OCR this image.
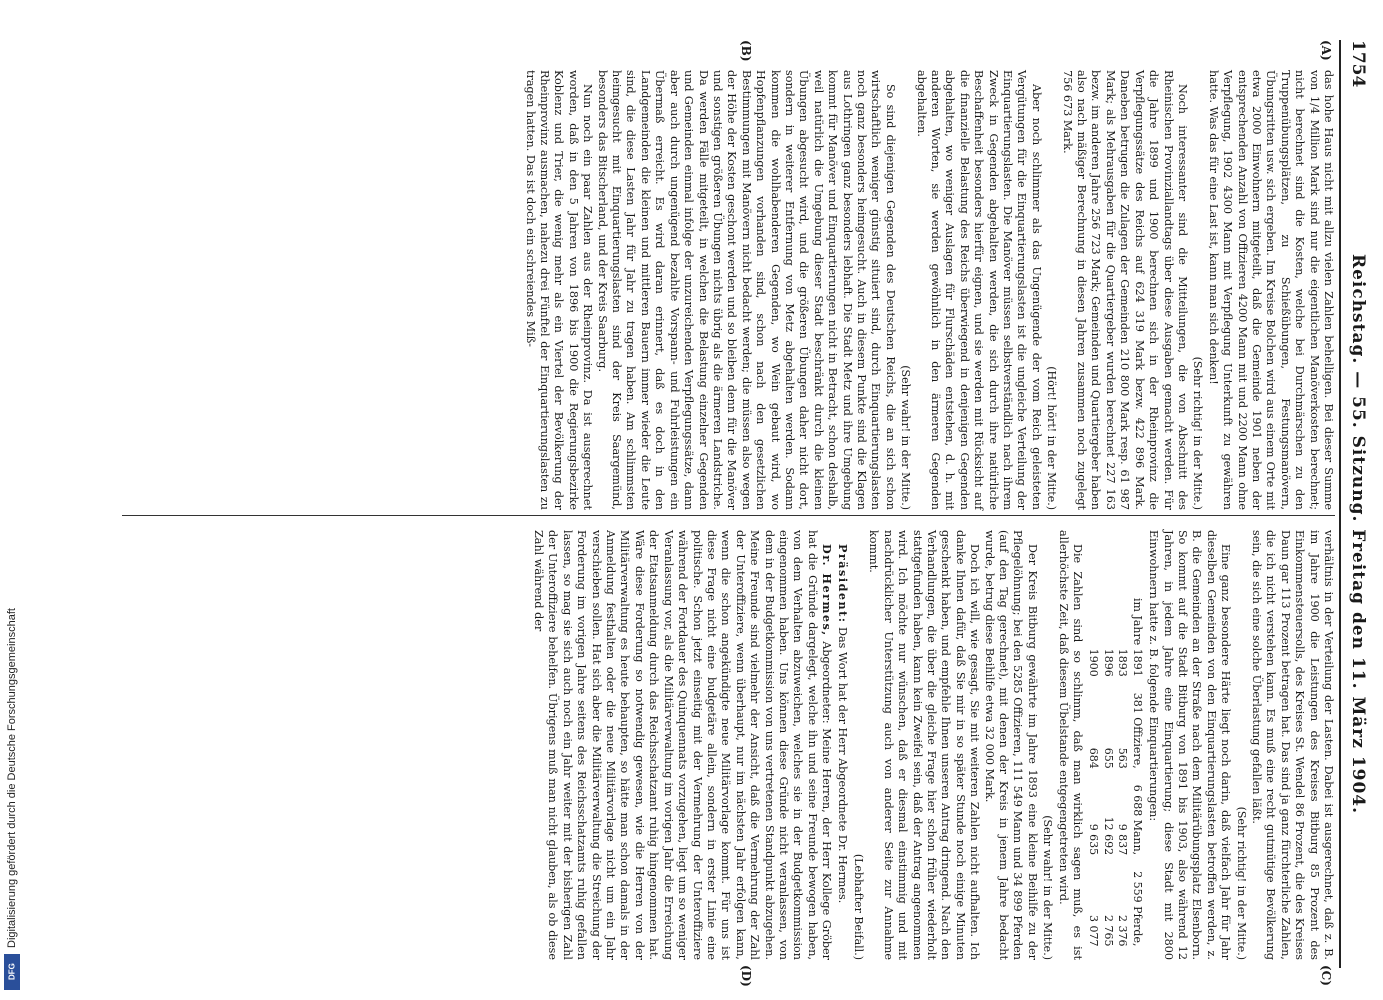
1754
Reichstag. — 55. Sitzung. Freitag den 11. März 1904.
(A)
(B)
(C)
(D)

das hohe Haus nicht mit allzu vielen Zahlen behelligen. Bei dieser Summe von 1/4 Million Mark sind nur die eigentlichen Manöverkosten berechnet; nicht berechnet sind die Kosten, welche bei Durchmärschen zu den Truppenübungsplätzen, zu Schießübungen, Festungsmanövern, Übungsritten usw. sich ergeben. Im Kreise Bolchen wird aus einem Orte mit etwa 2000 Einwohnern mitgeteilt, daß die Gemeinde 1901 neben der entsprechenden Anzahl von Offizieren 4200 Mann mit und 2200 Mann ohne Verpflegung, 1902 4300 Mann mit Verpflegung Unterkunft zu gewähren hatte. Was das für eine Last ist, kann man sich denken!

(Sehr richtig! in der Mitte.)

Noch interessanter sind die Mitteilungen, die von Abschnitt des Rheinischen Provinziallandtags über diese Ausgaben gemacht werden. Für die Jahre 1899 und 1900 berechnen sich in der Rheinprovinz die Verpflegungssätze des Reichs auf 624 319 Mark bezw. 422 896 Mark. Daneben betrugen die Zulagen der Gemeinden 210 800 Mark resp. 61 987 Mark; als Mehrausgaben für die Quartiergeber wurden berechnet 227 163 bezw. im anderen Jahre 256 723 Mark; Gemeinden und Quartiergeber haben also nach mäßiger Berechnung in diesen Jahren zusammen noch zugelegt 756 673 Mark.

(Hört! hört! in der Mitte.)

Aber noch schlimmer als das Ungenügende der vom Reich geleisteten Vergütungen für die Einquartierungslasten ist die ungleiche Verteilung der Einquartierungslasten. Die Manöver müssen selbstverständlich nach ihrem Zweck in Gegenden abgehalten werden, die sich durch ihre natürliche Beschaffenheit besonders hierfür eignen, und sie werden mit Rücksicht auf die finanzielle Belastung des Reichs überwiegend in denjenigen Gegenden abgehalten, wo weniger Auslagen für Flurschäden entstehen, d. h. mit anderen Worten, sie werden gewöhnlich in den ärmeren Gegenden abgehalten.

(Sehr wahr! in der Mitte.)

So sind diejenigen Gegenden des Deutschen Reichs, die an sich schon wirtschaftlich weniger günstig situiert sind, durch Einquartierungslasten noch ganz besonders heimgesucht. Auch in diesem Punkte sind die Klagen aus Lothringen ganz besonders lebhaft. Die Stadt Metz und ihre Umgebung kommt für Manöver und Einquartierungen nicht in Betracht, schon deshalb, weil natürlich die Umgebung dieser Stadt beschränkt durch die kleinen Übungen abgesucht wird, und die größeren Übungen daher nicht dort, sondern in weiterer Entfernung von Metz abgehalten werden. Sodann kommen die wohlhabenderen Gegenden, wo Wein gebaut wird, wo Hopfenpflanzungen vorhanden sind, schon nach den gesetzlichen Bestimmungen mit Manövern nicht bedacht werden; die müssen also wegen der Höhe der Kosten geschont werden und so bleiben denn für die Manöver und sonstigen größeren Übungen nichts übrig als die ärmeren Landstriche. Da werden Fälle mitgeteilt, in welchen die Belastung einzelner Gegenden und Gemeinden einmal infolge der unzureichenden Verpflegungssätze, dann aber auch durch ungenügend bezahlte Vorspann- und Fuhrleistungen ein Übermaß erreicht. Es wird daran erinnert, daß es doch in den Landgemeinden die kleinen und mittleren Bauern immer wieder die Leute sind, die diese Lasten Jahr für Jahr zu tragen haben. Am schlimmsten heimgesucht mit Einquartierungslasten sind der Kreis Saargemünd, besonders das Bitscherland, und der Kreis Saarburg.

Nun noch ein paar Zahlen aus der Rheinprovinz. Da ist ausgerechnet worden, daß in den 5 Jahren von 1896 bis 1900 die Regierungsbezirke Koblenz und Trier, die wenig mehr als ein Viertel der Bevölkerung der Rheinprovinz ausmachen, nahezu drei Fünftel der Einquartierungslasten zu tragen hatten. Das ist doch ein schreiendes Miß-

verhältnis in der Verteilung der Lasten. Dabei ist ausgerechnet, daß z. B. im Jahre 1900 die Leistungen des Kreises Bitburg 85 Prozent des Einkommensteuersolls, des Kreises St. Wendel 86 Prozent, die des Kreises Daun gar 113 Prozent betragen hat. Das sind ja ganz fürchterliche Zahlen, die ich nicht verstehen kann. Es muß eine recht gutmütige Bevölkerung sein, die sich eine solche Überlastung gefallen läßt.

(Sehr richtig! in der Mitte.)

Eine ganz besondere Härte liegt noch darin, daß vielfach Jahr für Jahr dieselben Gemeinden von den Einquartierungslasten betroffen werden, z. B. die Gemeinden an der Straße nach dem Militärübungsplatz Elsenborn. So kommt auf die Stadt Bitburg von 1891 bis 1903, also während 12 Jahren, in jedem Jahre eine Einquartierung; diese Stadt mit 2800 Einwohnern hatte z. B. folgende Einquartierungen:

im Jahre 1891	381 Offiziere,	6 688 Mann,	2 559 Pferde,
1893	563	9 837	2 376
1896	655	12 692	2 765
1900	684	9 635	3 077

Die Zahlen sind so schlimm, daß man wirklich sagen muß, es ist allerhöchste Zeit, daß diesem Übelstande entgegengetreten wird.

(Sehr wahr! in der Mitte.)

Der Kreis Bitburg gewährte im Jahre 1893 eine kleine Beihilfe zu der Pflegelöhnung; bei den 5285 Offizieren, 111 549 Mann und 34 899 Pferden (auf den Tag gerechnet), mit denen der Kreis in jenem Jahre bedacht wurde, betrug diese Beihilfe etwa 32 000 Mark.

Doch ich will, wie gesagt, Sie mit weiteren Zahlen nicht aufhalten. Ich danke Ihnen dafür, daß Sie mir in so später Stunde noch einige Minuten geschenkt haben, und empfehle Ihnen unseren Antrag dringend. Nach den Verhandlungen, die über die gleiche Frage hier schon früher wiederholt stattgefunden haben, kann kein Zweifel sein, daß der Antrag angenommen wird. Ich möchte nur wünschen, daß er diesmal einstimmig und mit nachdrücklicher Unterstützung auch von anderer Seite zur Annahme kommt.

(Lebhafter Beifall.)

Präsident: Das Wort hat der Herr Abgeordnete Dr. Hermes.

Dr. Hermes, Abgeordneter: Meine Herren, der Herr Kollege Gröber hat die Gründe dargelegt, welche ihn und seine Freunde bewogen haben, von dem Verhalten abzuweichen, welches sie in der Budgetkommission eingenommen haben. Uns können diese Gründe nicht veranlassen, von dem in der Budgetkommission von uns vertretenen Standpunkt abzugehen. Meine Freunde sind vielmehr der Ansicht, daß die Vermehrung der Zahl der Unteroffiziere, wenn überhaupt, nur im nächsten Jahr erfolgen kann, wenn die schon angekündigte neue Militärvorlage kommt. Für uns ist diese Frage nicht eine budgetäre allein, sondern in erster Linie eine politische. Schon jetzt einseitig mit der Vermehrung der Unteroffiziere während der Fortdauer des Quinquennats vorzugehen, liegt um so weniger Veranlassung vor, als die Militärverwaltung im vorigen Jahr die Erreichung der Etatsanmeldung durch das Reichsschatzamt ruhig hingenommen hat. Wäre diese Forderung so notwendig gewesen, wie die Herren von der Militärverwaltung es heute behaupten, so hätte man schon damals in der Anmeldung festhalten oder die neue Militärvorlage nicht um ein Jahr verschieben sollen. Hat sich aber die Militärverwaltung die Streichung der Forderung im vorigen Jahre seitens des Reichsschatzamts ruhig gefallen lassen, so mag sie sich auch noch ein Jahr weiter mit der bisherigen Zahl der Unteroffiziere behelfen. Übrigens muß man nicht glauben, als ob diese Zahl während der

Digitalisierung gefördert durch die Deutsche Forschungsgemeinschaft
DFG
